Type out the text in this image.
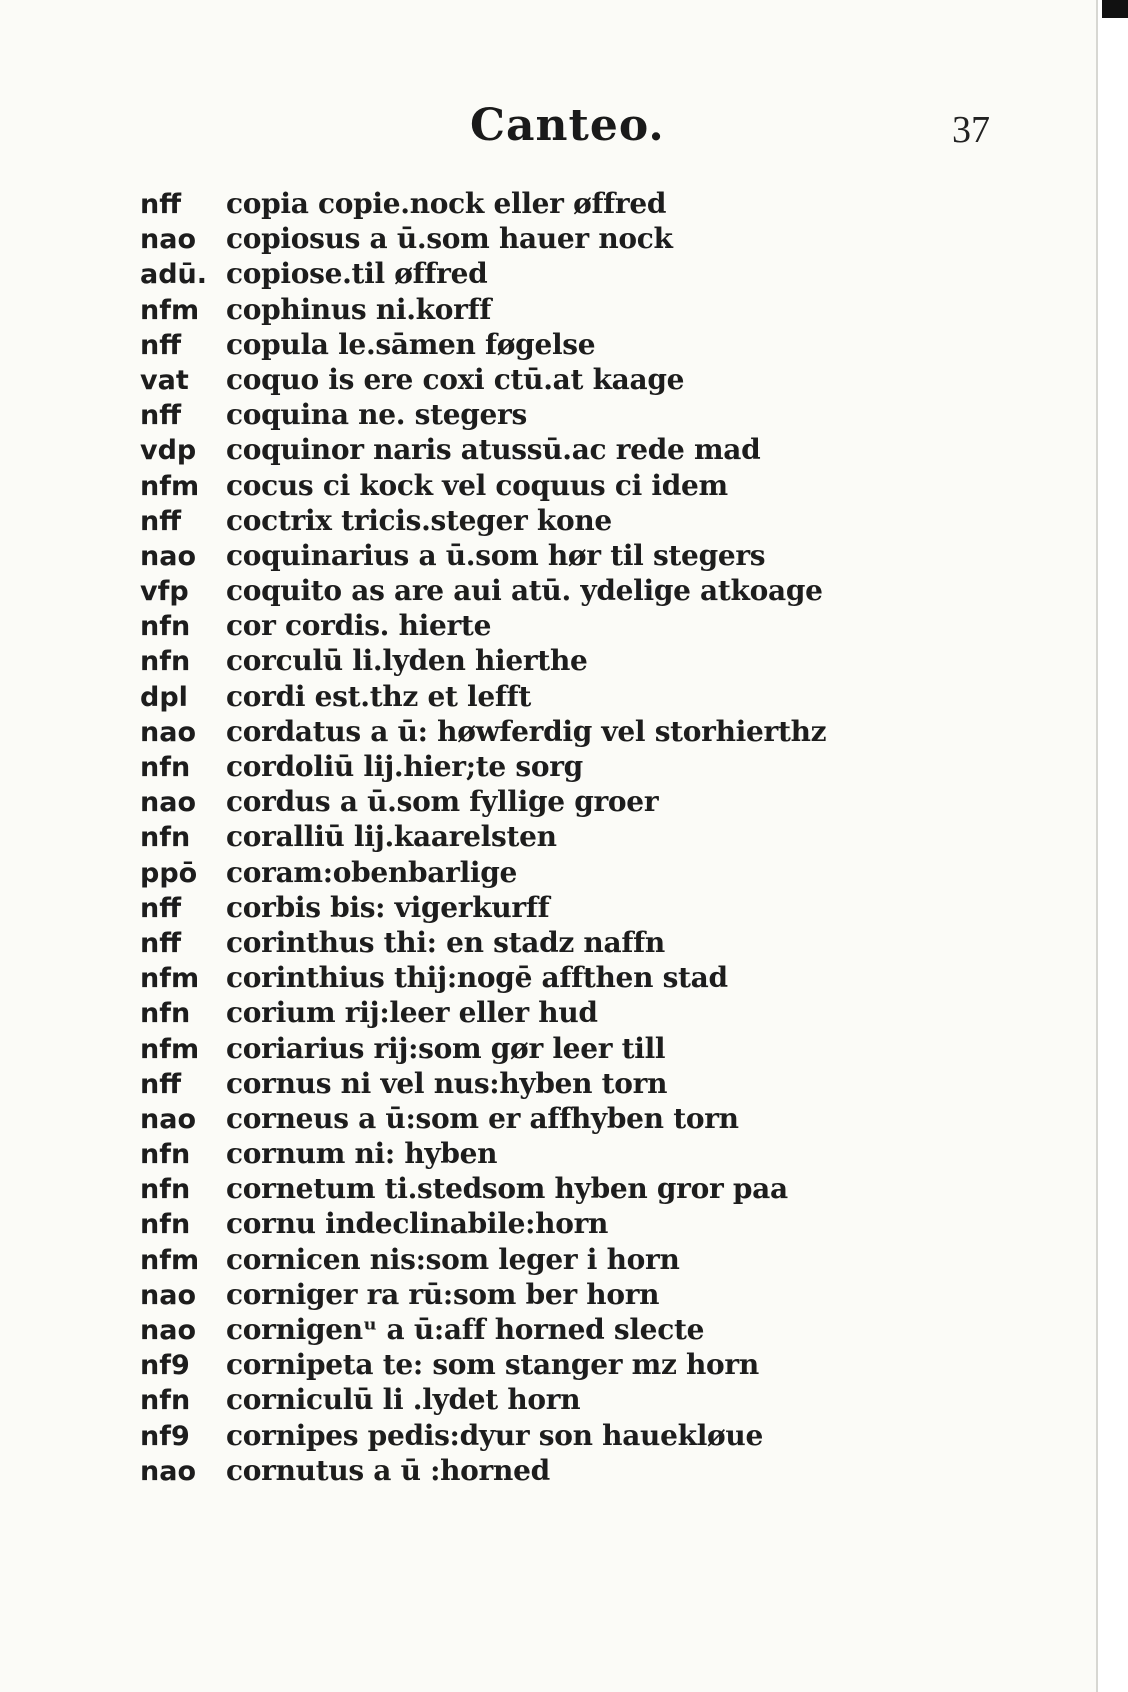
Canteo.	37
nff	copia copie.nock eller øffred
nao	copiosus a ū.som hauer nock
adū. copiose.til øffred
nfm cophinus ni.korff
nff	copula le.sāmen føgelse
vat	coquo is ere coxi ctū.at kaage
nff	coquina ne. stegers
vdp	coquinor naris atussū.ac rede mad
nfm cocus ci kock vel coquus ci idem
nff	coctrix tricis.steger kone
nao	coquinarius a ū.som hør til stegers
vfp	coquito as are aui atū. ydelige atkoage
nfn	cor cordis. hierte
nfn	corculū li.lyden hierthe
dpl	cordi est.thz et lefft
nao	cordatus a ū: høwferdig vel storhierthz
nfn	cordoliū lij.hier;te sorg
nao	cordus a ū.som fyllige groer
nfn	coralliū lij.kaarelsten
ppō	coram:obenbarlige
nff	corbis bis: vigerkurff
nff	corinthus thi: en stadz naffn
nfm corinthius thij:nogē affthen stad
nfn	corium rij:leer eller hud
nfm coriarius rij:som gør leer till
nff	cornus ni vel nus:hyben torn
nao	corneus a ū:som er affhyben torn
nfn	cornum ni: hyben
nfn	cornetum ti.stedsom hyben gror paa
nfn	cornu indeclinabile:horn
nfm cornicen nis:som leger i horn
nao	corniger ra rū:som ber horn
nao	cornigenᵘ a ū:aff horned slecte
nf9	cornipeta te: som stanger mz horn
nfn	corniculū li .lydet horn
nf9	cornipes pedis:dyur son hauekløue
nao	cornutus a ū :horned
